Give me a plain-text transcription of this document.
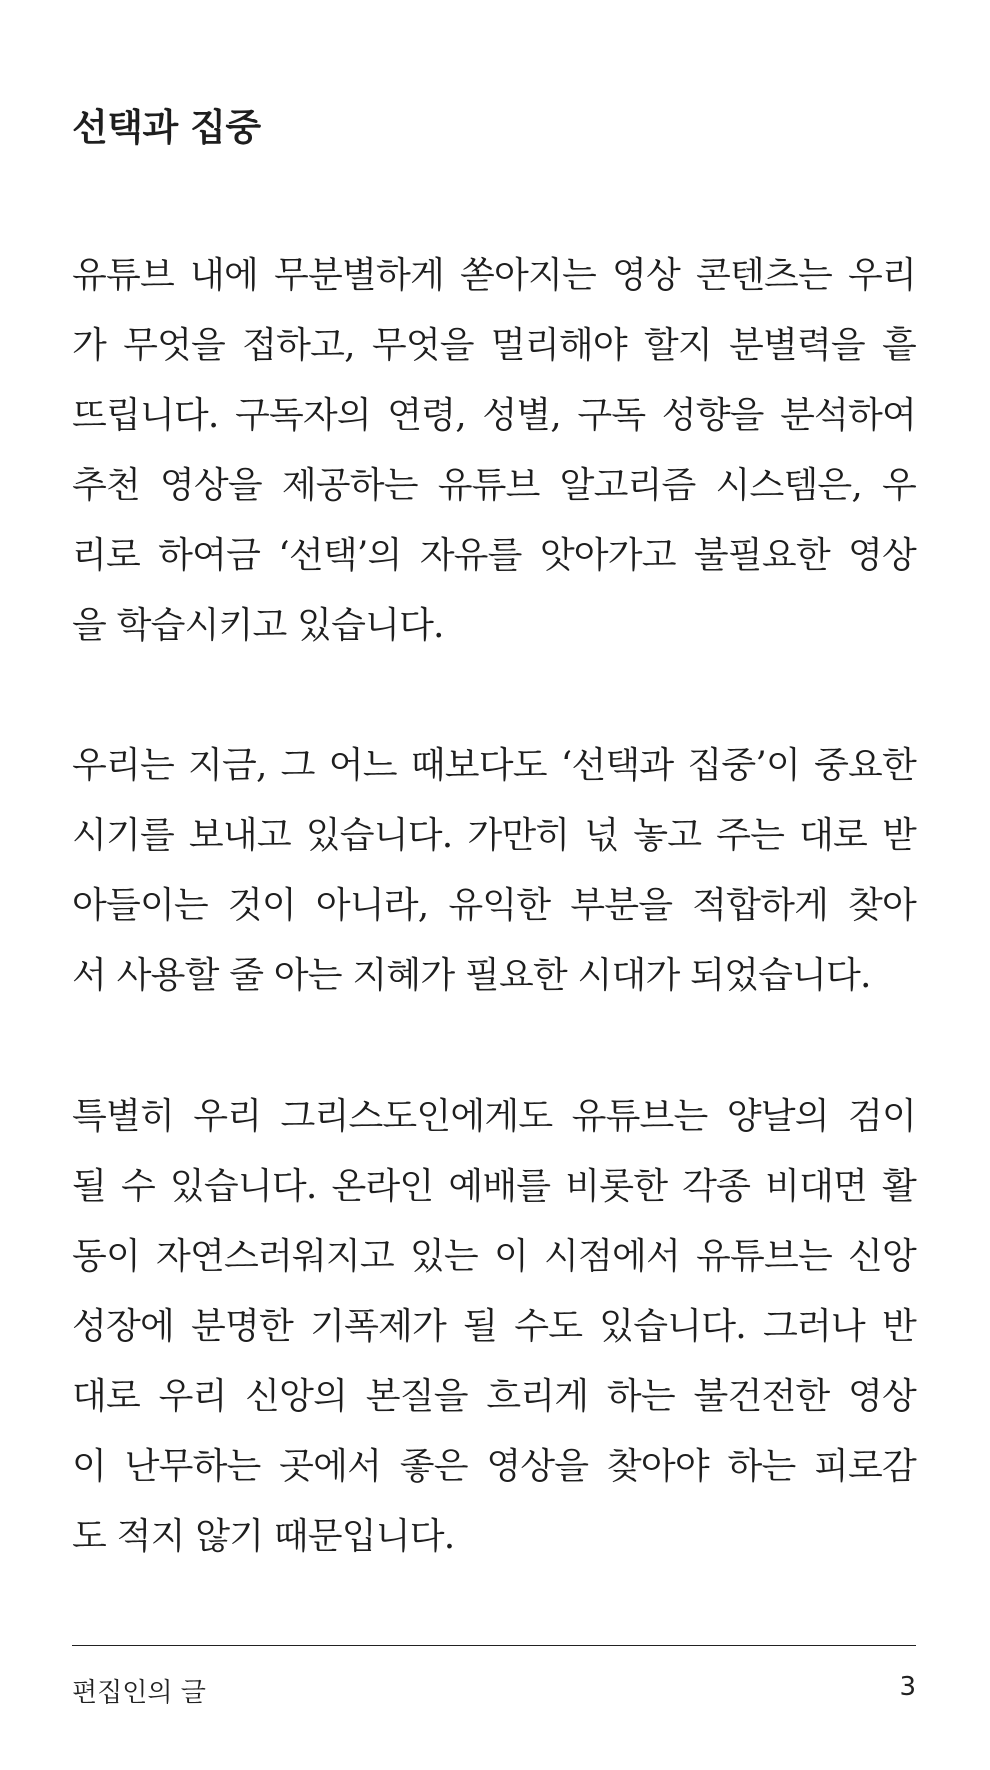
선택과 집중
유튜브 내에 무분별하게 쏟아지는 영상 콘텐츠는 우리
가 무엇을 접하고, 무엇을 멀리해야 할지 분별력을 흩
뜨립니다. 구독자의 연령, 성별, 구독 성향을 분석하여
추천 영상을 제공하는 유튜브 알고리즘 시스템은, 우
리로 하여금 ‘선택’의 자유를 앗아가고 불필요한 영상
을 학습시키고 있습니다.
우리는 지금, 그 어느 때보다도 ‘선택과 집중’이 중요한
시기를 보내고 있습니다. 가만히 넋 놓고 주는 대로 받
아들이는 것이 아니라, 유익한 부분을 적합하게 찾아
서 사용할 줄 아는 지혜가 필요한 시대가 되었습니다.
특별히 우리 그리스도인에게도 유튜브는 양날의 검이
될 수 있습니다. 온라인 예배를 비롯한 각종 비대면 활
동이 자연스러워지고 있는 이 시점에서 유튜브는 신앙
성장에 분명한 기폭제가 될 수도 있습니다. 그러나 반
대로 우리 신앙의 본질을 흐리게 하는 불건전한 영상
이 난무하는 곳에서 좋은 영상을 찾아야 하는 피로감
도 적지 않기 때문입니다.
편집인의 글	3
